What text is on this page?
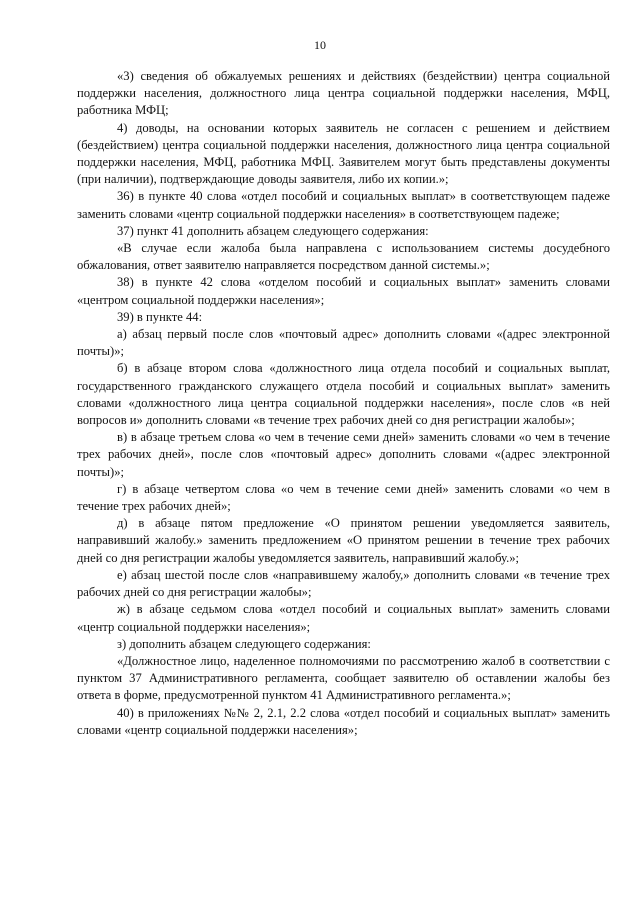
10

«3) сведения об обжалуемых решениях и действиях (бездействии) центра социальной поддержки населения, должностного лица центра социальной поддержки населения, МФЦ, работника МФЦ;

4) доводы, на основании которых заявитель не согласен с решением и действием (бездействием) центра социальной поддержки населения, должностного лица центра социальной поддержки населения, МФЦ, работника МФЦ. Заявителем могут быть представлены документы (при наличии), подтверждающие доводы заявителя, либо их копии.»;

36) в пункте 40 слова «отдел пособий и социальных выплат» в соответствующем падеже заменить словами «центр социальной поддержки населения» в соответствующем падеже;

37) пункт 41 дополнить абзацем следующего содержания:

«В случае если жалоба была направлена с использованием системы досудебного обжалования, ответ заявителю направляется посредством данной системы.»;

38) в пункте 42 слова «отделом пособий и социальных выплат» заменить словами «центром социальной поддержки населения»;

39) в пункте 44:

а) абзац первый после слов «почтовый адрес» дополнить словами «(адрес электронной почты)»;

б) в абзаце втором слова «должностного лица отдела пособий и социальных выплат, государственного гражданского служащего отдела пособий и социальных выплат» заменить словами «должностного лица центра социальной поддержки населения», после слов «в ней вопросов и» дополнить словами «в течение трех рабочих дней со дня регистрации жалобы»;

в) в абзаце третьем слова «о чем в течение семи дней» заменить словами «о чем в течение трех рабочих дней», после слов «почтовый адрес» дополнить словами «(адрес электронной почты)»;

г) в абзаце четвертом слова «о чем в течение семи дней» заменить словами «о чем в течение трех рабочих дней»;

д) в абзаце пятом предложение «О принятом решении уведомляется заявитель, направивший жалобу.» заменить предложением «О принятом решении в течение трех рабочих дней со дня регистрации жалобы уведомляется заявитель, направивший жалобу.»;

е) абзац шестой после слов «направившему жалобу,» дополнить словами «в течение трех рабочих дней со дня регистрации жалобы»;

ж) в абзаце седьмом слова «отдел пособий и социальных выплат» заменить словами «центр социальной поддержки населения»;

з) дополнить абзацем следующего содержания:

«Должностное лицо, наделенное полномочиями по рассмотрению жалоб в соответствии с пунктом 37 Административного регламента, сообщает заявителю об оставлении жалобы без ответа в форме, предусмотренной пунктом 41 Административного регламента.»;

40) в приложениях №№ 2, 2.1, 2.2 слова «отдел пособий и социальных выплат» заменить словами «центр социальной поддержки населения»;
